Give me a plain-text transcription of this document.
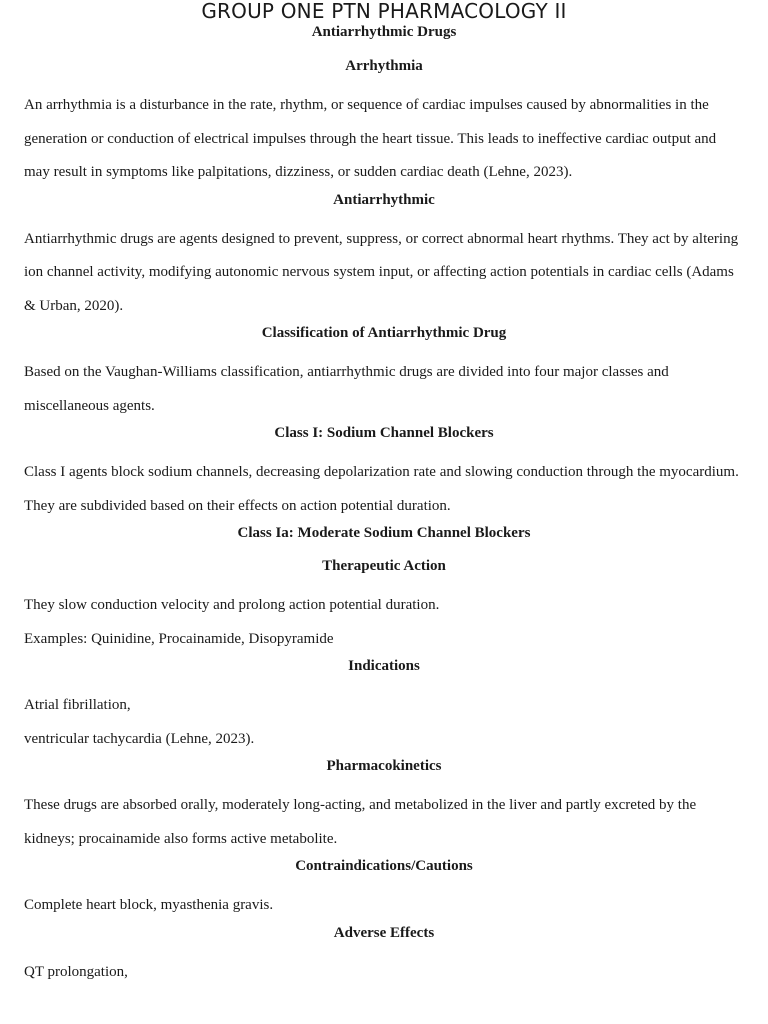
GROUP ONE PTN PHARMACOLOGY II
Antiarrhythmic Drugs
Arrhythmia

An arrhythmia is a disturbance in the rate, rhythm, or sequence of cardiac impulses caused by abnormalities in the generation or conduction of electrical impulses through the heart tissue. This leads to ineffective cardiac output and may result in symptoms like palpitations, dizziness, or sudden cardiac death (Lehne, 2023).

Antiarrhythmic

Antiarrhythmic drugs are agents designed to prevent, suppress, or correct abnormal heart rhythms. They act by altering ion channel activity, modifying autonomic nervous system input, or affecting action potentials in cardiac cells (Adams & Urban, 2020).

Classification of Antiarrhythmic Drug

Based on the Vaughan-Williams classification, antiarrhythmic drugs are divided into four major classes and miscellaneous agents.

Class I: Sodium Channel Blockers

Class I agents block sodium channels, decreasing depolarization rate and slowing conduction through the myocardium. They are subdivided based on their effects on action potential duration.

Class Ia: Moderate Sodium Channel Blockers
Therapeutic Action

They slow conduction velocity and prolong action potential duration.

Examples: Quinidine, Procainamide, Disopyramide

Indications

Atrial fibrillation,

ventricular tachycardia (Lehne, 2023).

Pharmacokinetics

These drugs are absorbed orally, moderately long-acting, and metabolized in the liver and partly excreted by the kidneys; procainamide also forms active metabolite.

Contraindications/Cautions

Complete heart block, myasthenia gravis.

Adverse Effects

QT prolongation,
